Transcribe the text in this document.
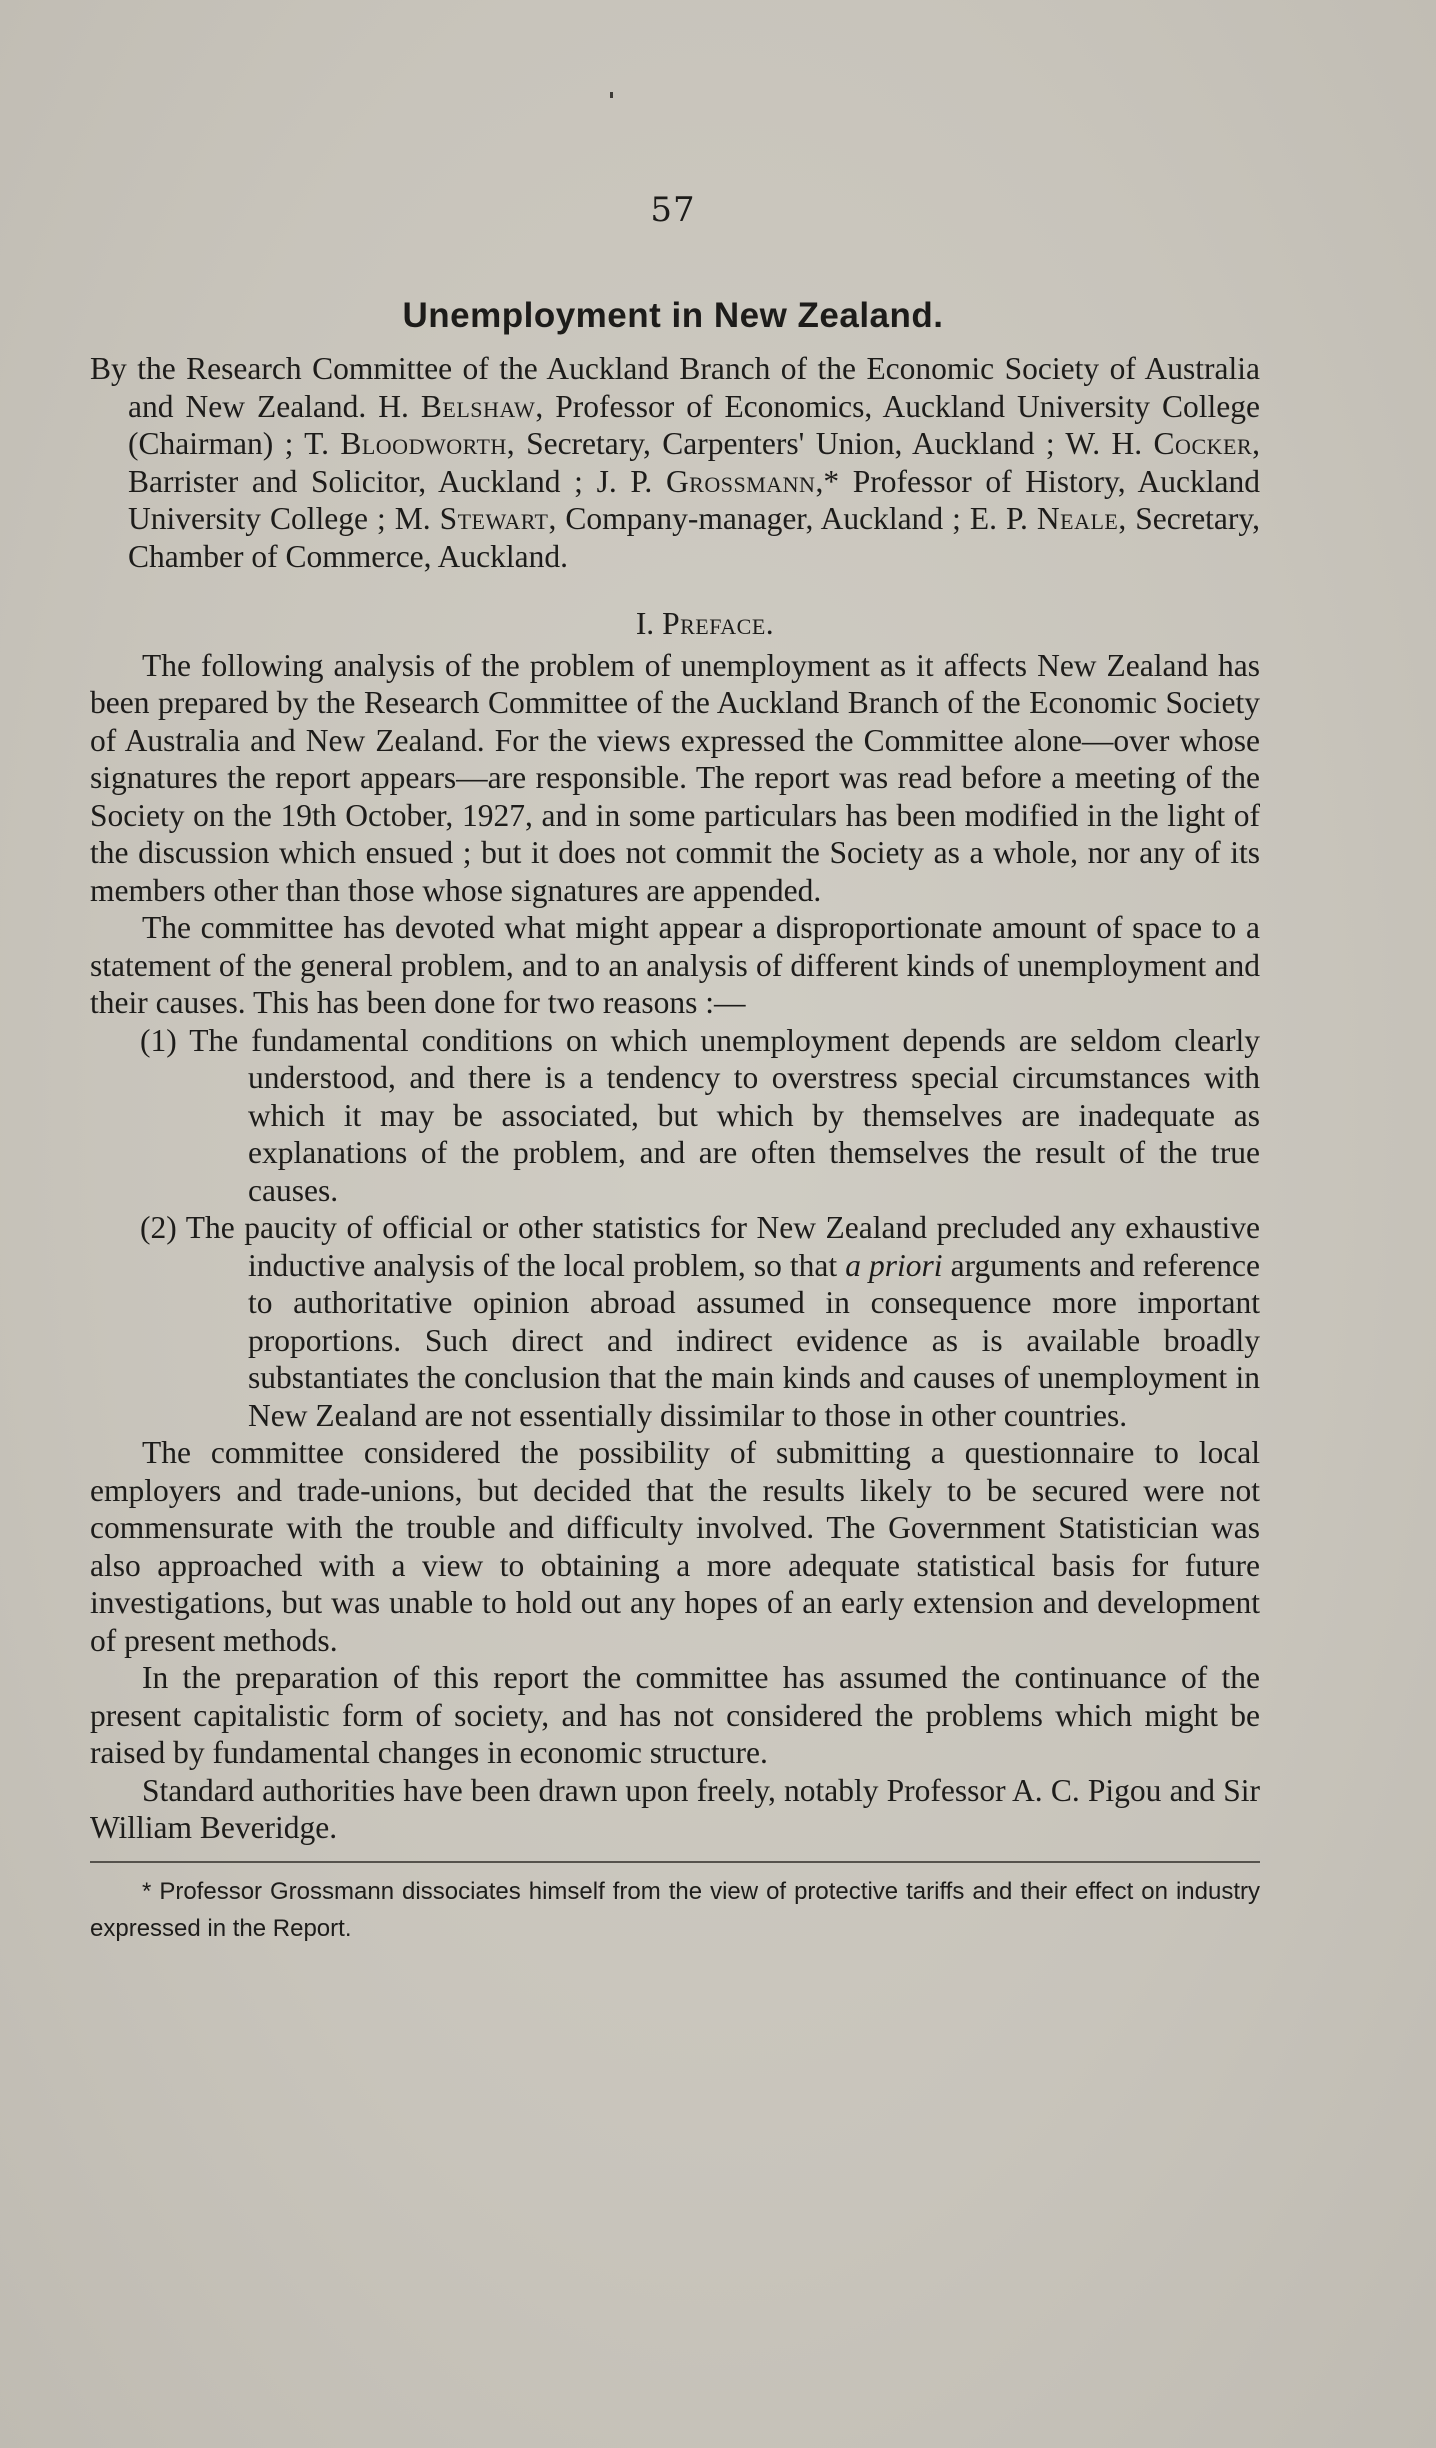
57
Unemployment in New Zealand.

By the Research Committee of the Auckland Branch of the Economic Society of Australia and New Zealand. H. Belshaw, Professor of Economics, Auckland University College (Chairman) ; T. Bloodworth, Secretary, Carpenters' Union, Auckland ; W. H. Cocker, Barrister and Solicitor, Auckland ; J. P. Grossmann,* Professor of History, Auckland University College ; M. Stewart, Company-manager, Auckland ; E. P. Neale, Secretary, Chamber of Commerce, Auckland.

I. Preface.

The following analysis of the problem of unemployment as it affects New Zealand has been prepared by the Research Committee of the Auckland Branch of the Economic Society of Australia and New Zealand. For the views expressed the Committee alone—over whose signatures the report appears—are responsible. The report was read before a meeting of the Society on the 19th October, 1927, and in some particulars has been modified in the light of the discussion which ensued ; but it does not commit the Society as a whole, nor any of its members other than those whose signatures are appended.

The committee has devoted what might appear a disproportionate amount of space to a statement of the general problem, and to an analysis of different kinds of unemployment and their causes. This has been done for two reasons :—

(1) The fundamental conditions on which unemployment depends are seldom clearly understood, and there is a tendency to overstress special circumstances with which it may be associated, but which by themselves are inadequate as explanations of the problem, and are often themselves the result of the true causes.

(2) The paucity of official or other statistics for New Zealand precluded any exhaustive inductive analysis of the local problem, so that a priori arguments and reference to authoritative opinion abroad assumed in consequence more important proportions. Such direct and indirect evidence as is available broadly substantiates the conclusion that the main kinds and causes of unemployment in New Zealand are not essentially dissimilar to those in other countries.

The committee considered the possibility of submitting a questionnaire to local employers and trade-unions, but decided that the results likely to be secured were not commensurate with the trouble and difficulty involved. The Government Statistician was also approached with a view to obtaining a more adequate statistical basis for future investigations, but was unable to hold out any hopes of an early extension and development of present methods.

In the preparation of this report the committee has assumed the continuance of the present capitalistic form of society, and has not considered the problems which might be raised by fundamental changes in economic structure.

Standard authorities have been drawn upon freely, notably Professor A. C. Pigou and Sir William Beveridge.

* Professor Grossmann dissociates himself from the view of protective tariffs and their effect on industry expressed in the Report.
